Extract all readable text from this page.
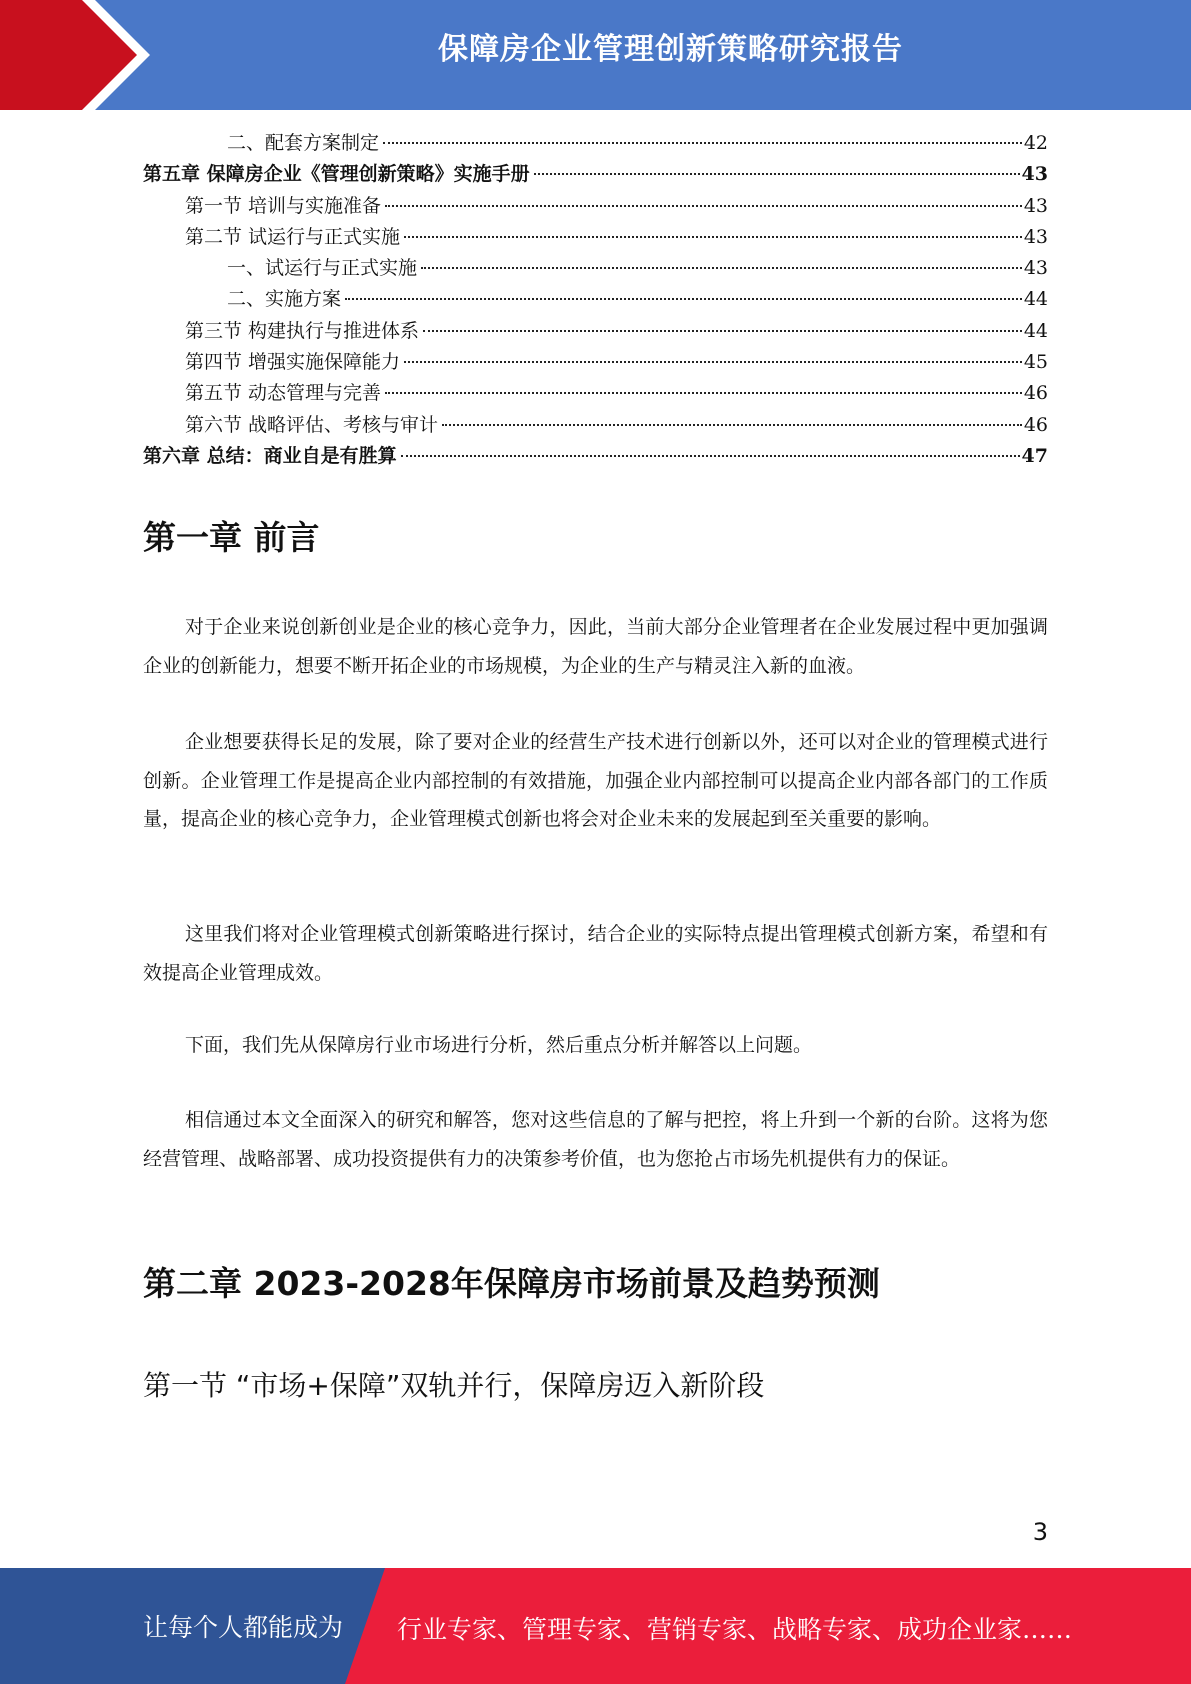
保障房企业管理创新策略研究报告
二、配套方案制定	42
第五章 保障房企业《管理创新策略》实施手册	43
第一节 培训与实施准备	43
第二节 试运行与正式实施	43
一、试运行与正式实施	43
二、实施方案	44
第三节 构建执行与推进体系	44
第四节 增强实施保障能力	45
第五节 动态管理与完善	46
第六节 战略评估、考核与审计	46
第六章 总结：商业自是有胜算	47
第一章 前言

对于企业来说创新创业是企业的核心竞争力，因此，当前大部分企业管理者在企业发展过程中更加强调企业的创新能力，想要不断开拓企业的市场规模，为企业的生产与精灵注入新的血液。

企业想要获得长足的发展，除了要对企业的经营生产技术进行创新以外，还可以对企业的管理模式进行创新。企业管理工作是提高企业内部控制的有效措施，加强企业内部控制可以提高企业内部各部门的工作质量，提高企业的核心竞争力，企业管理模式创新也将会对企业未来的发展起到至关重要的影响。

这里我们将对企业管理模式创新策略进行探讨，结合企业的实际特点提出管理模式创新方案，希望和有效提高企业管理成效。

下面，我们先从保障房行业市场进行分析，然后重点分析并解答以上问题。

相信通过本文全面深入的研究和解答，您对这些信息的了解与把控，将上升到一个新的台阶。这将为您经营管理、战略部署、成功投资提供有力的决策参考价值，也为您抢占市场先机提供有力的保证。

第二章 2023-2028年保障房市场前景及趋势预测
第一节 “市场+保障”双轨并行，保障房迈入新阶段
3
让每个人都能成为 行业专家、管理专家、营销专家、战略专家、成功企业家……
